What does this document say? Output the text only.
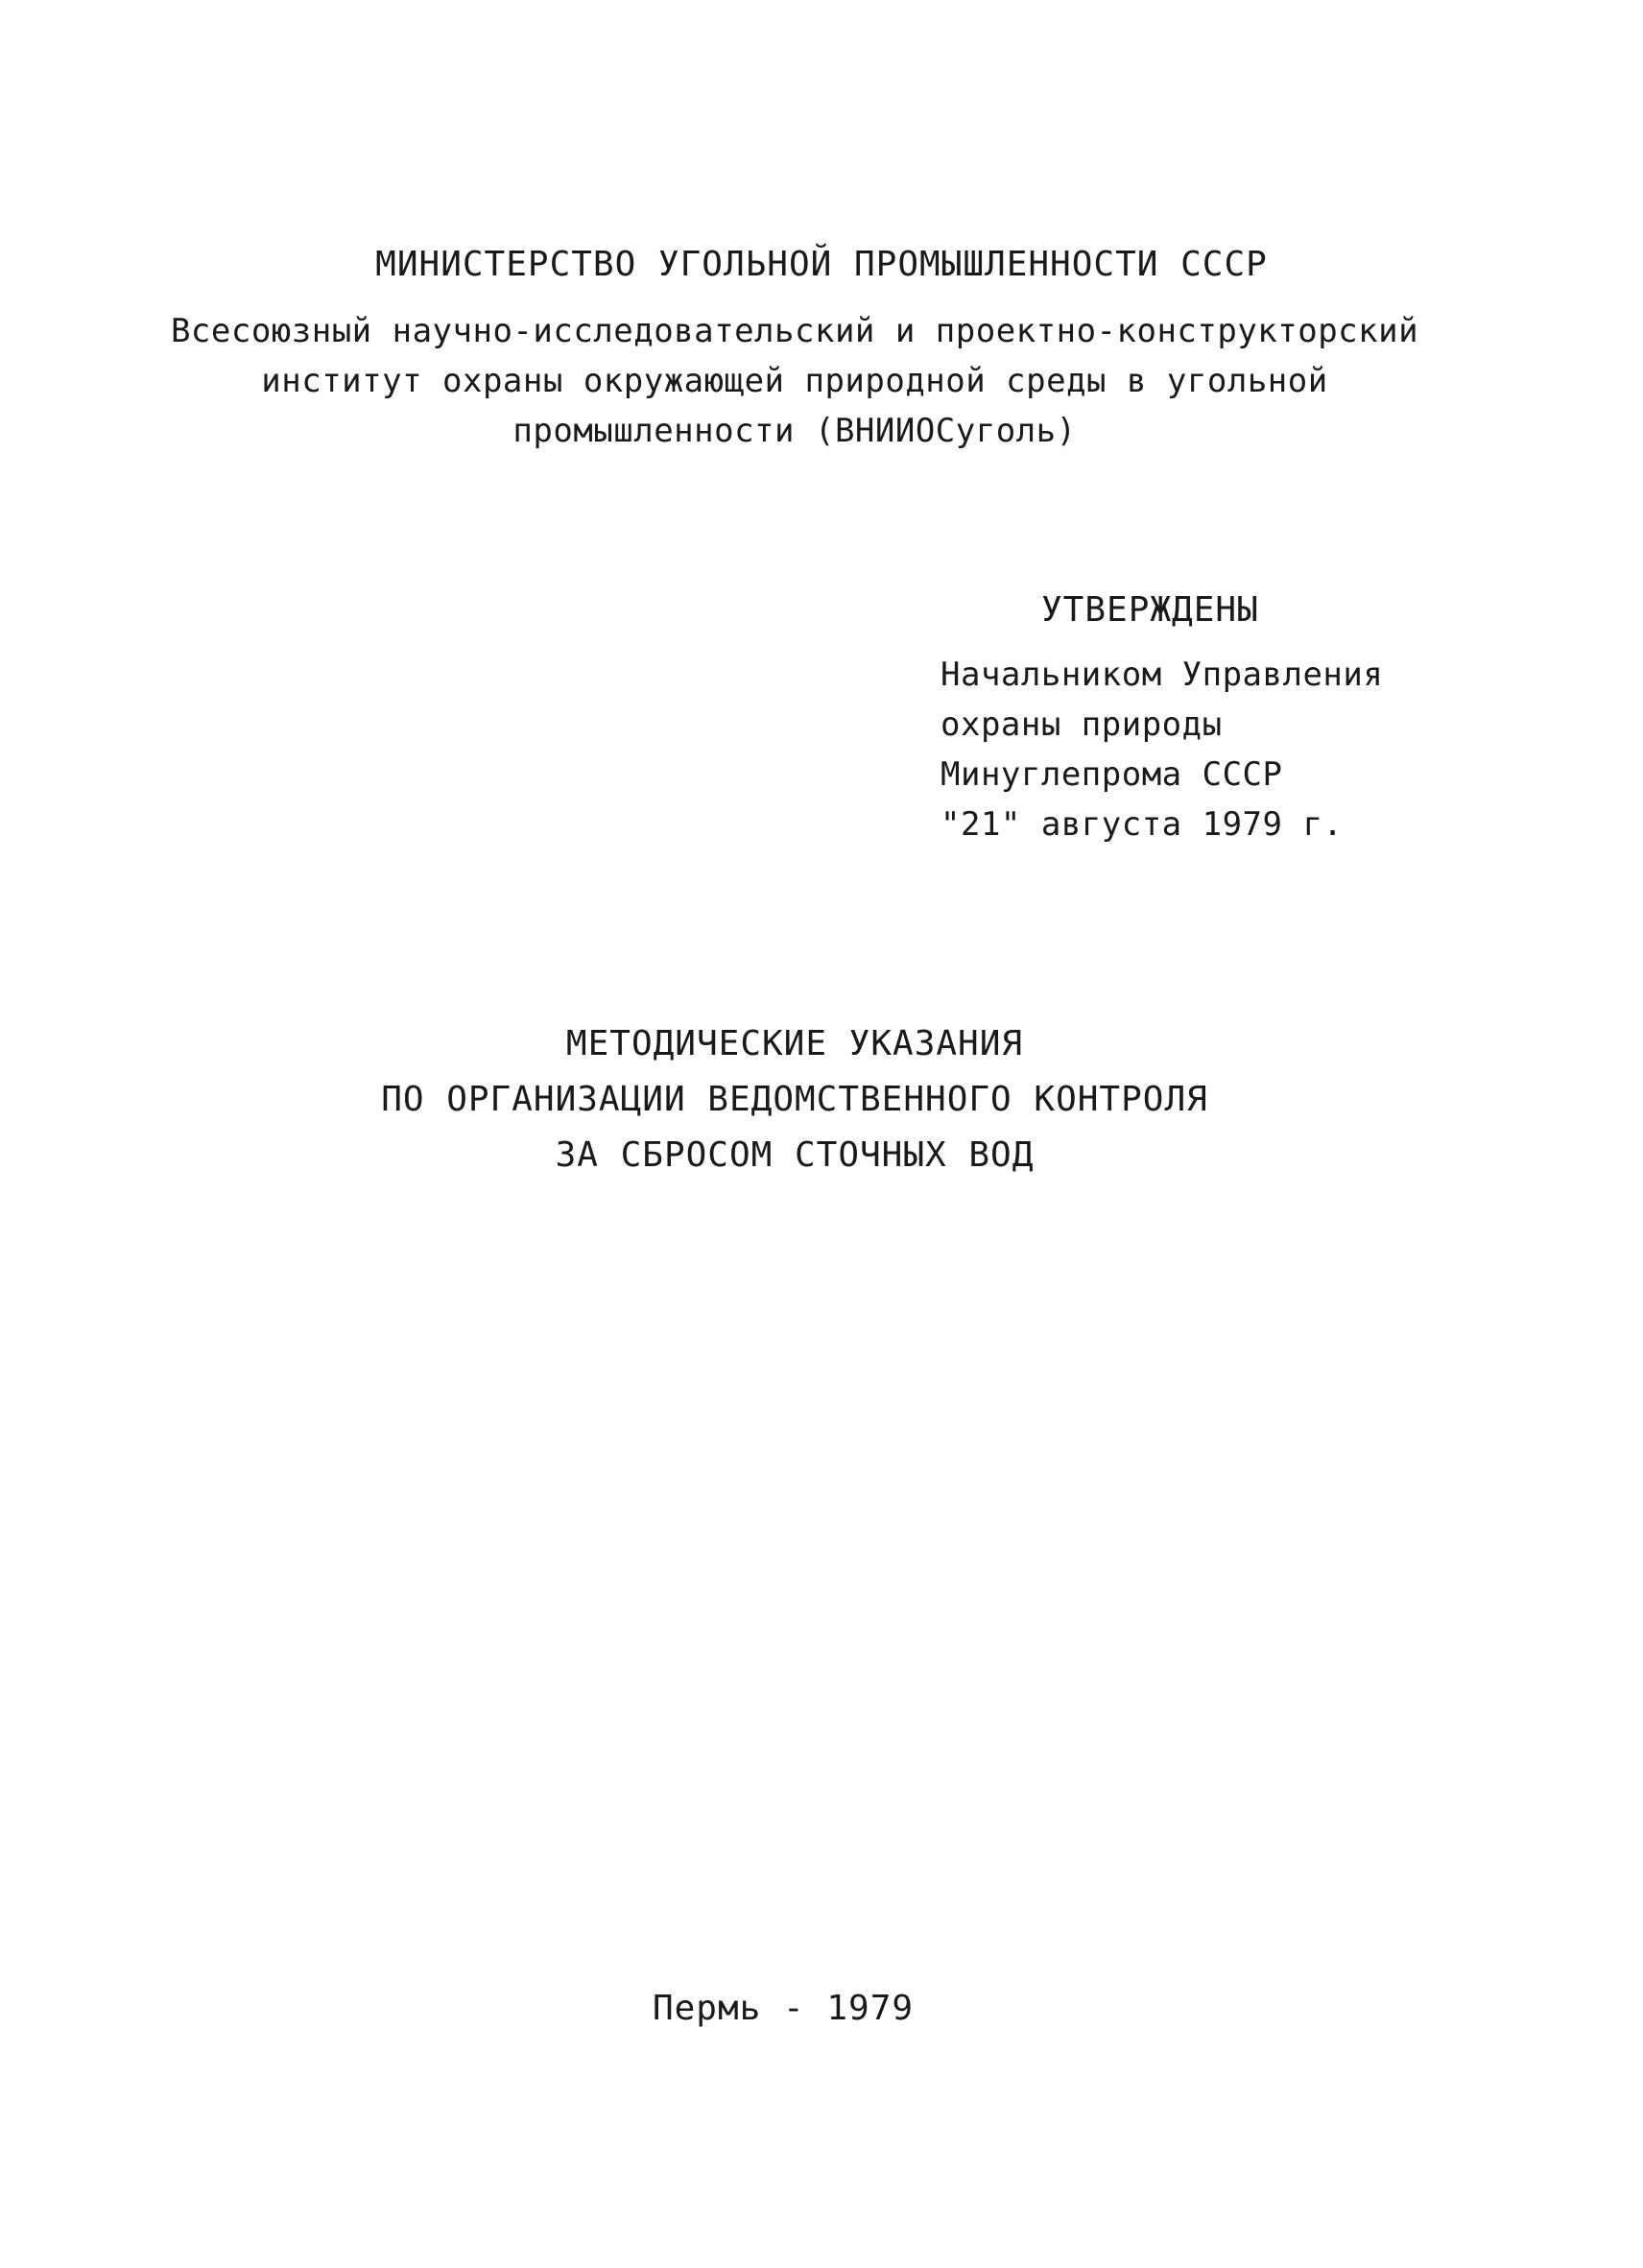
МИНИСТЕРСТВО УГОЛЬНОЙ ПРОМЫШЛЕННОСТИ СССР
Всесоюзный научно-исследовательский и проектно-конструкторский
институт охраны окружающей природной среды в угольной
промышленности (ВНИИОСуголь)
УТВЕРЖДЕНЫ
Начальником Управления
охраны природы
Минуглепрома СССР
"21" августа 1979 г.
МЕТОДИЧЕСКИЕ УКАЗАНИЯ
ПО ОРГАНИЗАЦИИ ВЕДОМСТВЕННОГО КОНТРОЛЯ
ЗА СБРОСОМ СТОЧНЫХ ВОД
Пермь - 1979
